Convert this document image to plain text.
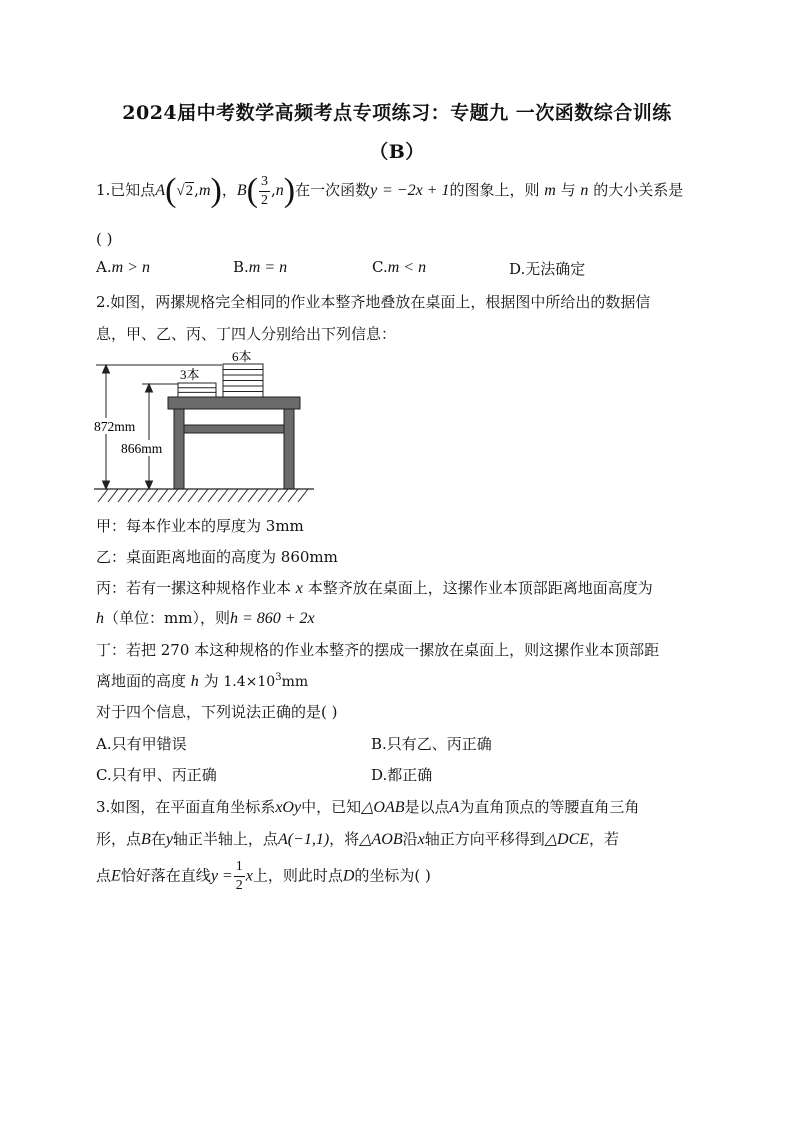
2024届中考数学高频考点专项练习：专题九 一次函数综合训练
（B）
1.已知点A(√2,m)，$B( \frac{3}{2} ,n)$在一次函数y = −2x + 1的图象上，则 m 与 n 的大小关系是
( )
A.m > n	B.m = n	C.m < n	D.无法确定
2.如图，两摞规格完全相同的作业本整齐地叠放在桌面上，根据图中所给出的数据信
息，甲、乙、丙、丁四人分别给出下列信息：
6本
3本
872mm
866mm
甲：每本作业本的厚度为 3mm
乙：桌面距离地面的高度为 860mm
丙：若有一摞这种规格作业本 x 本整齐放在桌面上，这摞作业本顶部距离地面高度为
h（单位：mm），则h = 860 + 2x
丁：若把 270 本这种规格的作业本整齐的摆成一摞放在桌面上，则这摞作业本顶部距
离地面的高度 h 为 $1.4\times 10^3mm$
对于四个信息，下列说法正确的是( )
A.只有甲错误	B.只有乙、丙正确
C.只有甲、丙正确	D.都正确
3.如图，在平面直角坐标系xOy中，已知△OAB是以点A为直角顶点的等腰直角三角
形，点B在y轴正半轴上，点A(−1,1)，将△AOB沿x轴正方向平移得到△DCE，若
点E恰好落在直线$y = \frac{1}{2}$ x上，则此时点D的坐标为( )
